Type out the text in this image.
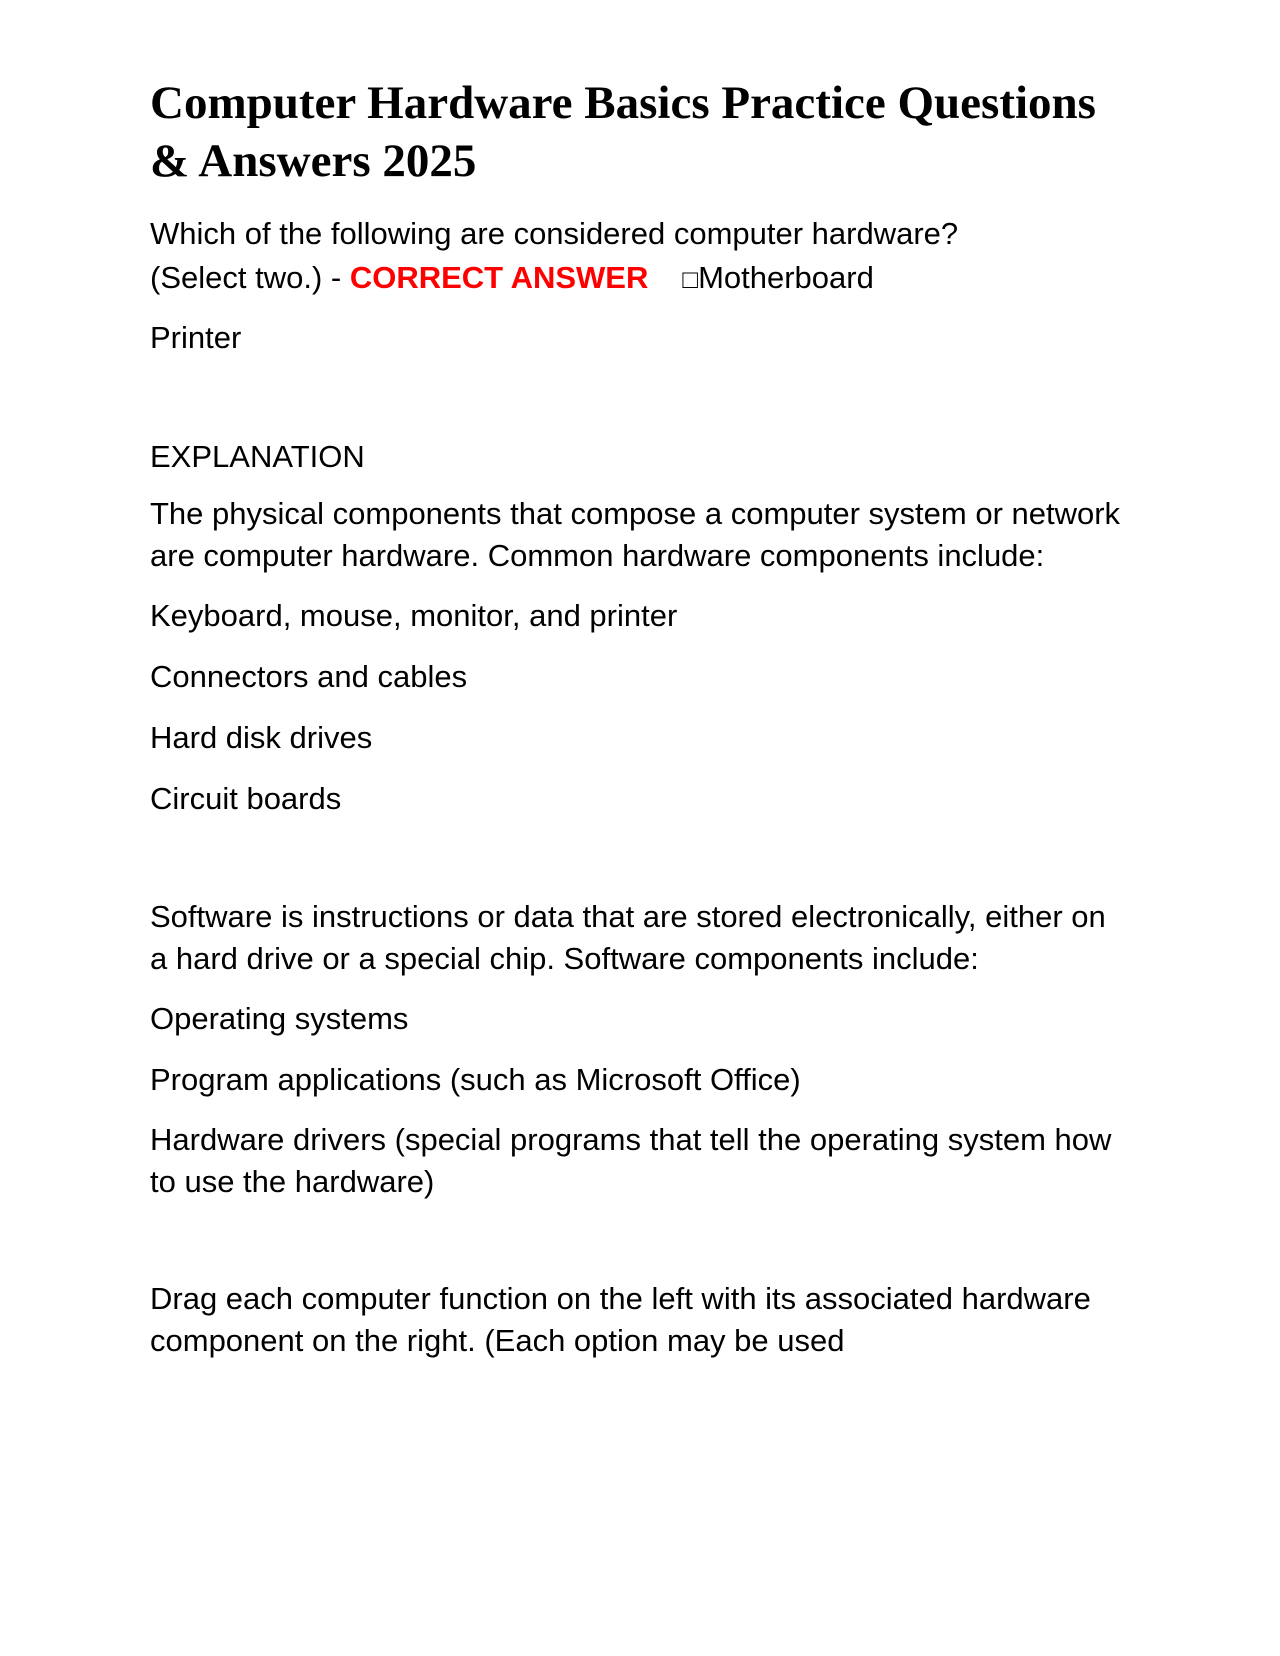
Computer Hardware Basics Practice Questions & Answers 2025

Which of the following are considered computer hardware?
(Select two.) - CORRECT ANSWER □Motherboard

Printer

EXPLANATION

The physical components that compose a computer system or network are computer hardware. Common hardware components include:

Keyboard, mouse, monitor, and printer

Connectors and cables

Hard disk drives

Circuit boards

Software is instructions or data that are stored electronically, either on a hard drive or a special chip. Software components include:

Operating systems

Program applications (such as Microsoft Office)

Hardware drivers (special programs that tell the operating system how to use the hardware)

Drag each computer function on the left with its associated hardware component on the right. (Each option may be used
